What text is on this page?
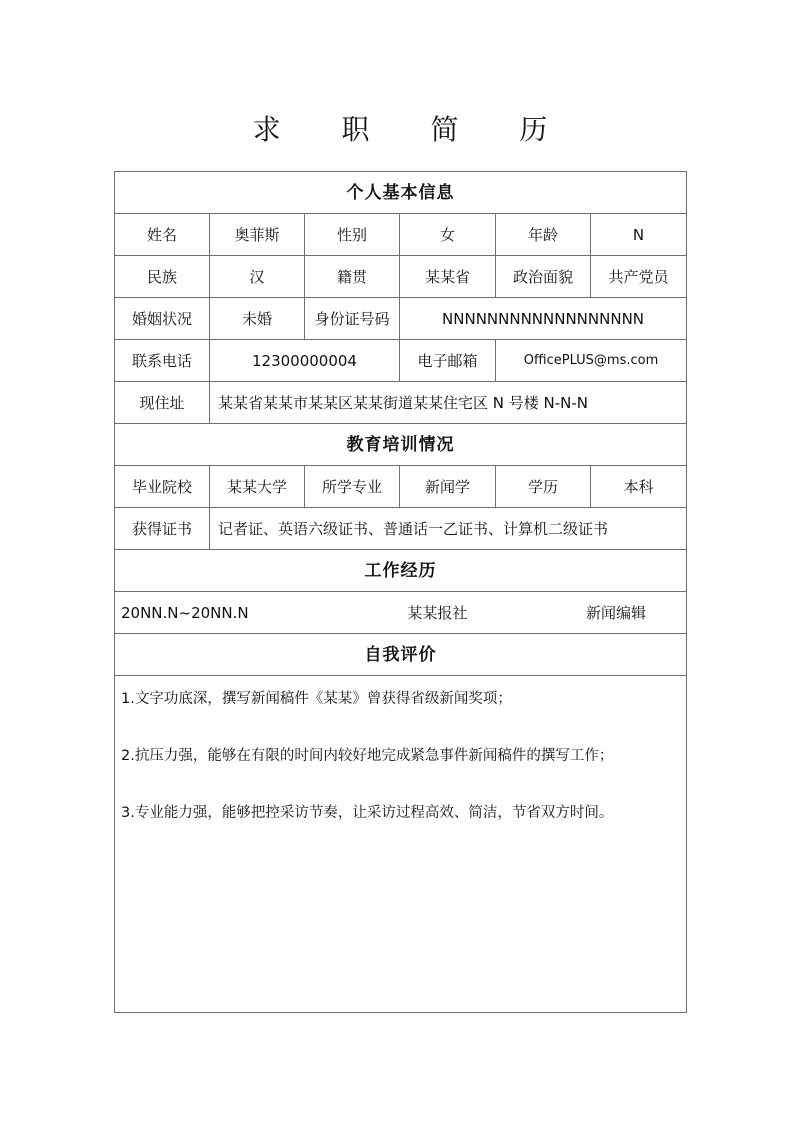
求 职 简 历
个人基本信息					
姓名	奥菲斯	性别	女	年龄	N
民族	汉	籍贯	某某省	政治面貌	共产党员
婚姻状况	未婚	身份证号码	NNNNNNNNNNNNNNNNNN		
联系电话	12300000004		电子邮箱	OfficePLUS@ms.com	
现住址	某某省某某市某某区某某街道某某住宅区 N 号楼 N-N-N				
教育培训情况					
毕业院校	某某大学	所学专业	新闻学	学历	本科
获得证书	记者证、英语六级证书、普通话一乙证书、计算机二级证书				
工作经历					

20NN.N~20NN.N 某某报社 新闻编辑					

自我评价					

1.文字功底深，撰写新闻稿件《某某》曾获得省级新闻奖项；
2.抗压力强，能够在有限的时间内较好地完成紧急事件新闻稿件的撰写工作；
3.专业能力强，能够把控采访节奏，让采访过程高效、简洁，节省双方时间。					
